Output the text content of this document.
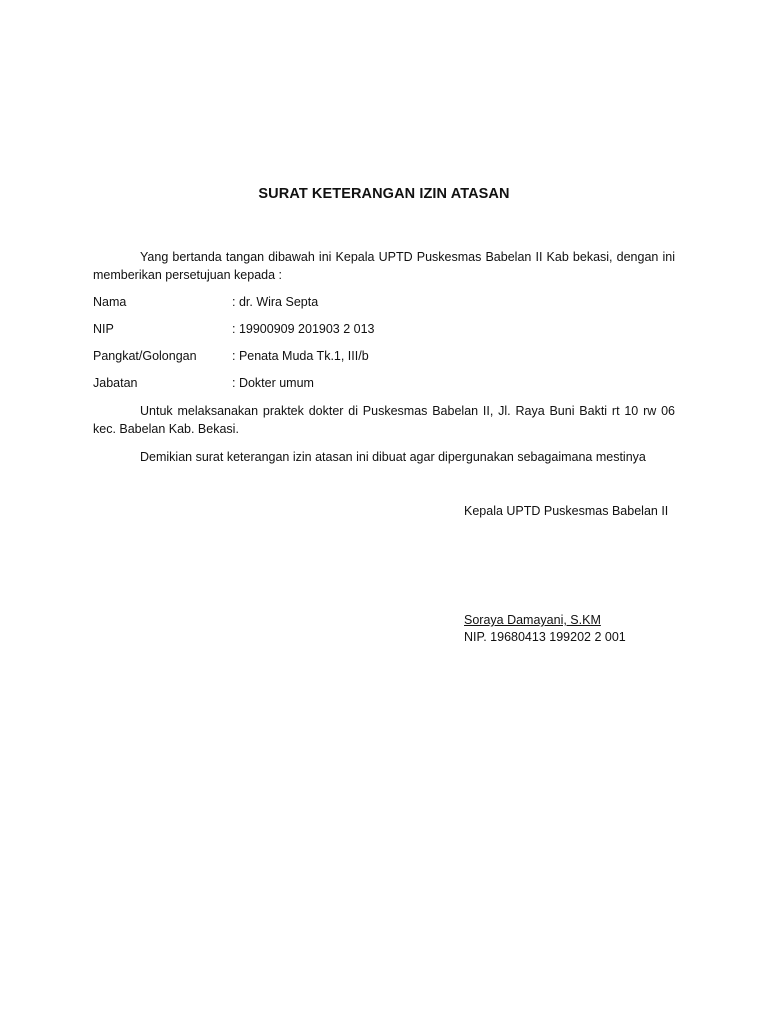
SURAT KETERANGAN IZIN ATASAN
Yang bertanda tangan dibawah ini Kepala UPTD Puskesmas Babelan II Kab bekasi, dengan ini memberikan persetujuan kepada :
Nama	: dr. Wira Septa
NIP	: 19900909 201903 2 013
Pangkat/Golongan	: Penata Muda Tk.1, III/b
Jabatan	: Dokter umum
Untuk melaksanakan praktek dokter di Puskesmas Babelan II, Jl. Raya Buni Bakti rt 10 rw 06 kec. Babelan Kab. Bekasi.
Demikian surat keterangan izin atasan ini dibuat agar dipergunakan sebagaimana mestinya
Kepala UPTD Puskesmas Babelan II
Soraya Damayani, S.KM
NIP. 19680413 199202 2 001
